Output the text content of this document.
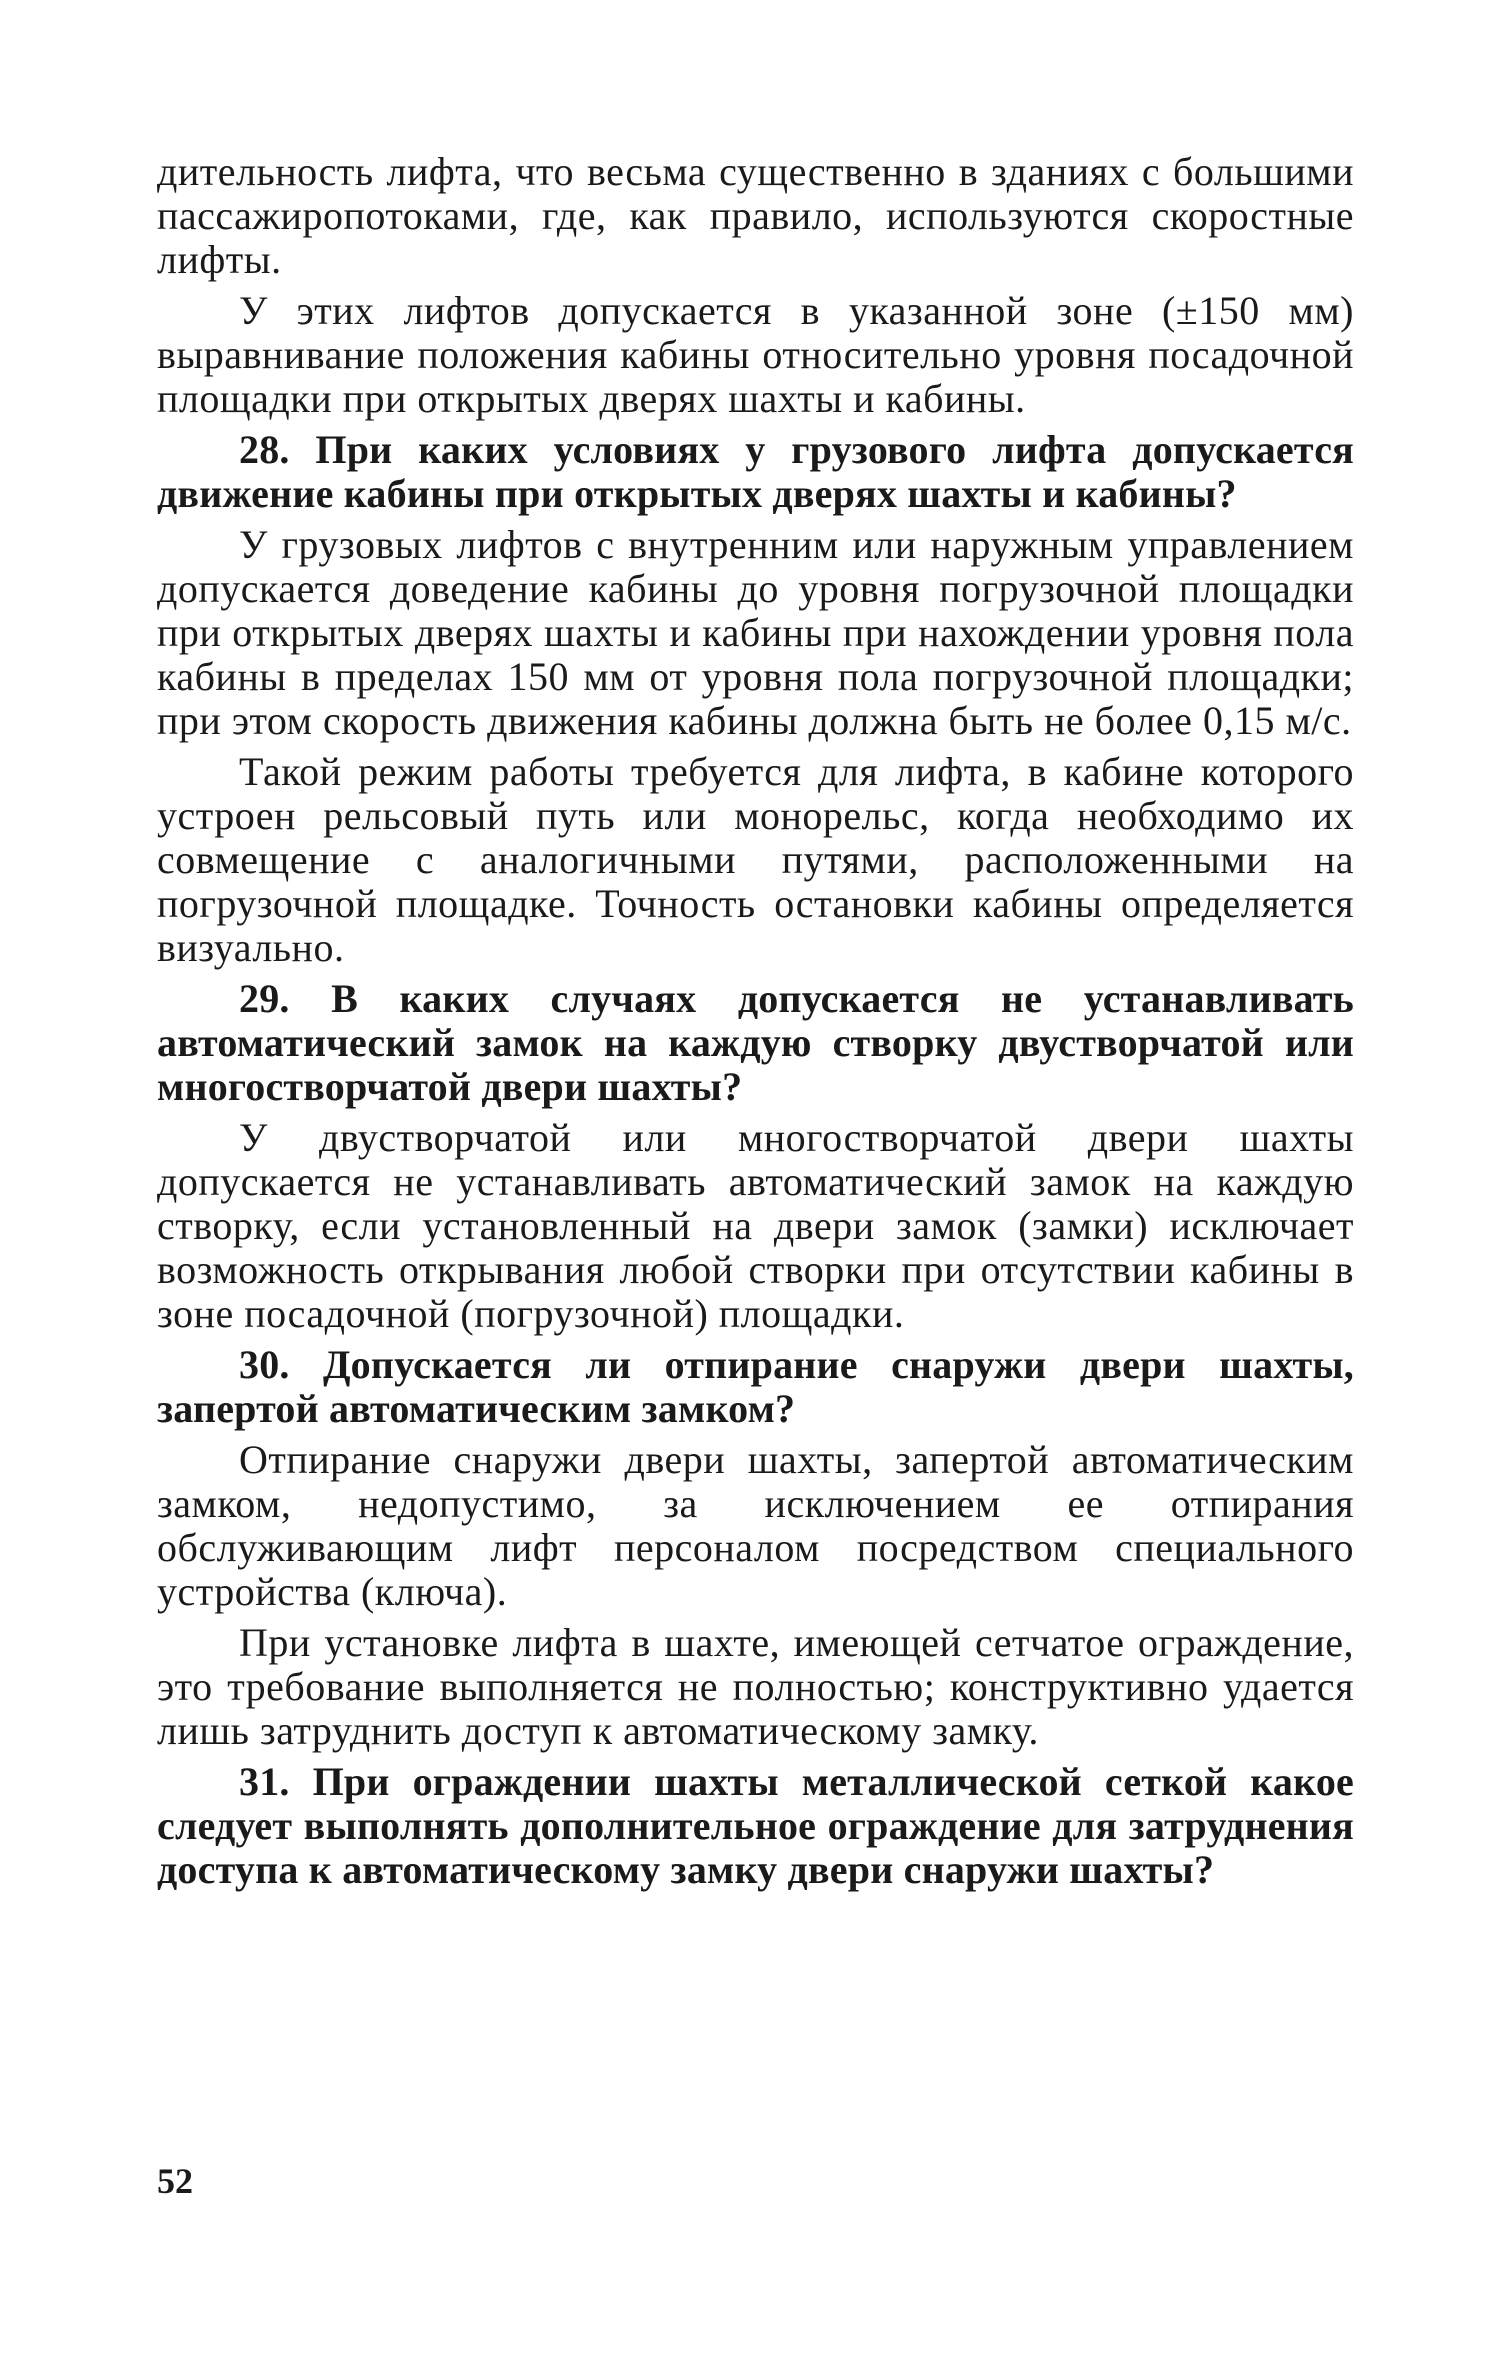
дительность лифта, что весьма существенно в зданиях с большими пассажиропотоками, где, как правило, используются скоростные лифты.

У этих лифтов допускается в указанной зоне (±150 мм) выравнивание положения кабины относительно уровня посадочной площадки при открытых дверях шахты и кабины.

28. При каких условиях у грузового лифта допускается движение кабины при открытых дверях шахты и кабины?

У грузовых лифтов с внутренним или наружным управлением допускается доведение кабины до уровня погрузочной площадки при открытых дверях шахты и кабины при нахождении уровня пола кабины в пределах 150 мм от уровня пола погрузочной площадки; при этом скорость движения кабины должна быть не более 0,15 м/с.

Такой режим работы требуется для лифта, в кабине которого устроен рельсовый путь или монорельс, когда необходимо их совмещение с аналогичными путями, расположенными на погрузочной площадке. Точность остановки кабины определяется визуально.

29. В каких случаях допускается не устанавливать автоматический замок на каждую створку двустворчатой или многостворчатой двери шахты?

У двустворчатой или многостворчатой двери шахты допускается не устанавливать автоматический замок на каждую створку, если установленный на двери замок (замки) исключает возможность открывания любой створки при отсутствии кабины в зоне посадочной (погрузочной) площадки.

30. Допускается ли отпирание снаружи двери шахты, запертой автоматическим замком?

Отпирание снаружи двери шахты, запертой автоматическим замком, недопустимо, за исключением ее отпирания обслуживающим лифт персоналом посредством специального устройства (ключа).

При установке лифта в шахте, имеющей сетчатое ограждение, это требование выполняется не полностью; конструктивно удается лишь затруднить доступ к автоматическому замку.

31. При ограждении шахты металлической сеткой какое следует выполнять дополнительное ограждение для затруднения доступа к автоматическому замку двери снаружи шахты?

52
